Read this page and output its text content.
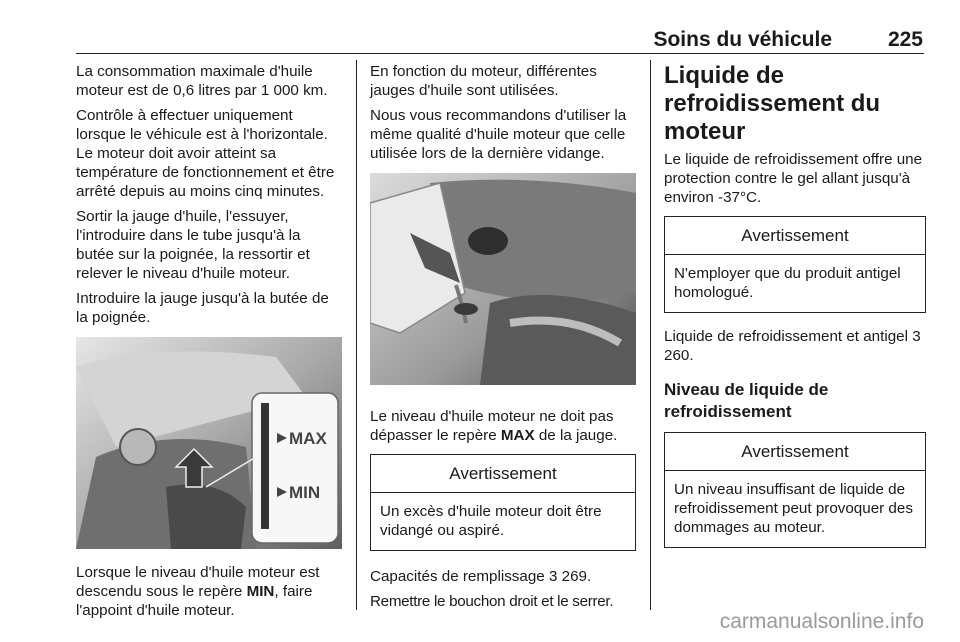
Soins du véhicule	225

La consommation maximale d'huile moteur est de 0,6 litres par 1 000 km.

Contrôle à effectuer uniquement lorsque le véhicule est à l'horizontale. Le moteur doit avoir atteint sa température de fonctionnement et être arrêté depuis au moins cinq minutes.

Sortir la jauge d'huile, l'essuyer, l'introduire dans le tube jusqu'à la butée sur la poignée, la ressortir et relever le niveau d'huile moteur.

Introduire la jauge jusqu'à la butée de la poignée.

MAX
MIN

Lorsque le niveau d'huile moteur est descendu sous le repère MIN, faire l'appoint d'huile moteur.

En fonction du moteur, différentes jauges d'huile sont utilisées.

Nous vous recommandons d'utiliser la même qualité d'huile moteur que celle utilisée lors de la dernière vidange.

Le niveau d'huile moteur ne doit pas dépasser le repère MAX de la jauge.

Avertissement
Un excès d'huile moteur doit être vidangé ou aspiré.

Capacités de remplissage 3 269.

Remettre le bouchon droit et le serrer.

Liquide de refroidissement du moteur

Le liquide de refroidissement offre une protection contre le gel allant jusqu'à environ -37°C.

Avertissement
N'employer que du produit antigel homologué.

Liquide de refroidissement et antigel 3 260.

Niveau de liquide de refroidissement
Avertissement
Un niveau insuffisant de liquide de refroidissement peut provoquer des dommages au moteur.
carmanualsonline.info
